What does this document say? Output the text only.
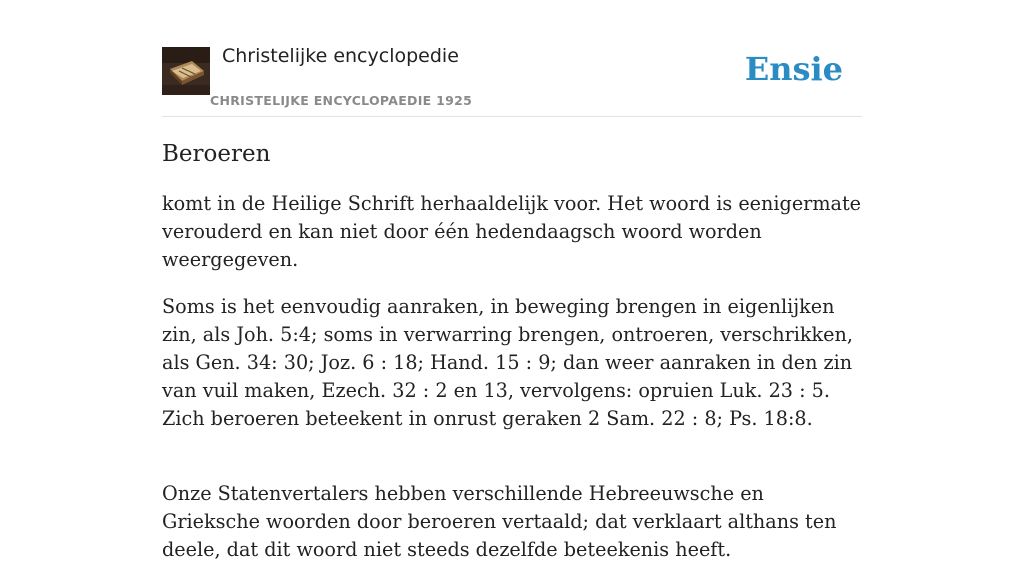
Christelijke encyclopedie
CHRISTELIJKE ENCYCLOPAEDIE 1925
Ensie
Beroeren

komt in de Heilige Schrift herhaaldelijk voor. Het woord is eenigermate verouderd en kan niet door één hedendaagsch woord worden weergegeven.

Soms is het eenvoudig aanraken, in beweging brengen in eigenlijken zin, als Joh. 5:4; soms in verwarring brengen, ontroeren, verschrikken, als Gen. 34: 30; Joz. 6 : 18; Hand. 15 : 9; dan weer aanraken in den zin van vuil maken, Ezech. 32 : 2 en 13, vervolgens: opruien Luk. 23 : 5. Zich beroeren beteekent in onrust geraken 2 Sam. 22 : 8; Ps. 18:8.

Onze Statenvertalers hebben verschillende Hebreeuwsche en Grieksche woorden door beroeren vertaald; dat verklaart althans ten deele, dat dit woord niet steeds dezelfde beteekenis heeft.
